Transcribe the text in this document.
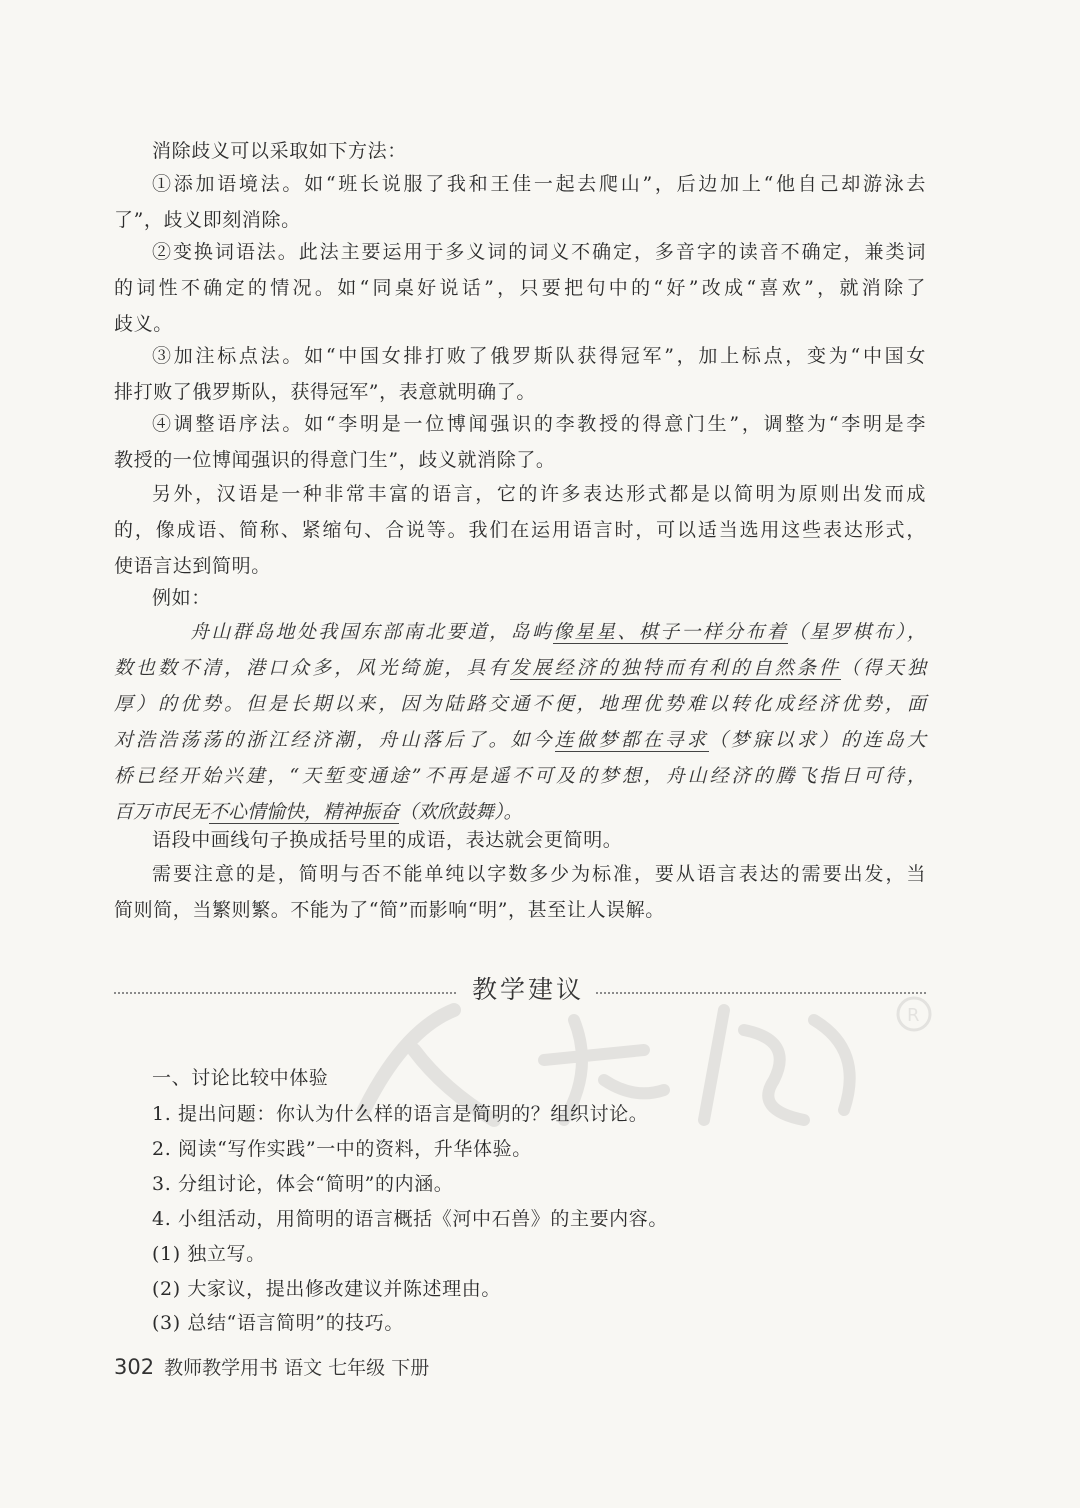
消除歧义可以采取如下方法：

①添加语境法。如“班长说服了我和王佳一起去爬山”，后边加上“他自己却游泳去
了”，歧义即刻消除。

②变换词语法。此法主要运用于多义词的词义不确定，多音字的读音不确定，兼类词
的词性不确定的情况。如“同桌好说话”，只要把句中的“好”改成“喜欢”，就消除了
歧义。

③加注标点法。如“中国女排打败了俄罗斯队获得冠军”，加上标点，变为“中国女
排打败了俄罗斯队，获得冠军”，表意就明确了。

④调整语序法。如“李明是一位博闻强识的李教授的得意门生”，调整为“李明是李
教授的一位博闻强识的得意门生”，歧义就消除了。

另外，汉语是一种非常丰富的语言，它的许多表达形式都是以简明为原则出发而成
的，像成语、简称、紧缩句、合说等。我们在运用语言时，可以适当选用这些表达形式，
使语言达到简明。

例如：

舟山群岛地处我国东部南北要道，岛屿像星星、棋子一样分布着（星罗棋布），
数也数不清，港口众多，风光绮旎，具有发展经济的独特而有利的自然条件（得天独
厚）的优势。但是长期以来，因为陆路交通不便，地理优势难以转化成经济优势，面
对浩浩荡荡的浙江经济潮，舟山落后了。如今连做梦都在寻求（梦寐以求）的连岛大
桥已经开始兴建，“天堑变通途”不再是遥不可及的梦想，舟山经济的腾飞指日可待，
百万市民无不心情愉快，精神振奋（欢欣鼓舞）。

语段中画线句子换成括号里的成语，表达就会更简明。

需要注意的是，简明与否不能单纯以字数多少为标准，要从语言表达的需要出发，当
简则简，当繁则繁。不能为了“简”而影响“明”，甚至让人误解。

教学建议
R

一、讨论比较中体验

1. 提出问题：你认为什么样的语言是简明的？组织讨论。
2. 阅读“写作实践”一中的资料，升华体验。
3. 分组讨论，体会“简明”的内涵。
4. 小组活动，用简明的语言概括《河中石兽》的主要内容。
(1) 独立写。
(2) 大家议，提出修改建议并陈述理由。
(3) 总结“语言简明”的技巧。
302 教师教学用书 语文 七年级 下册
